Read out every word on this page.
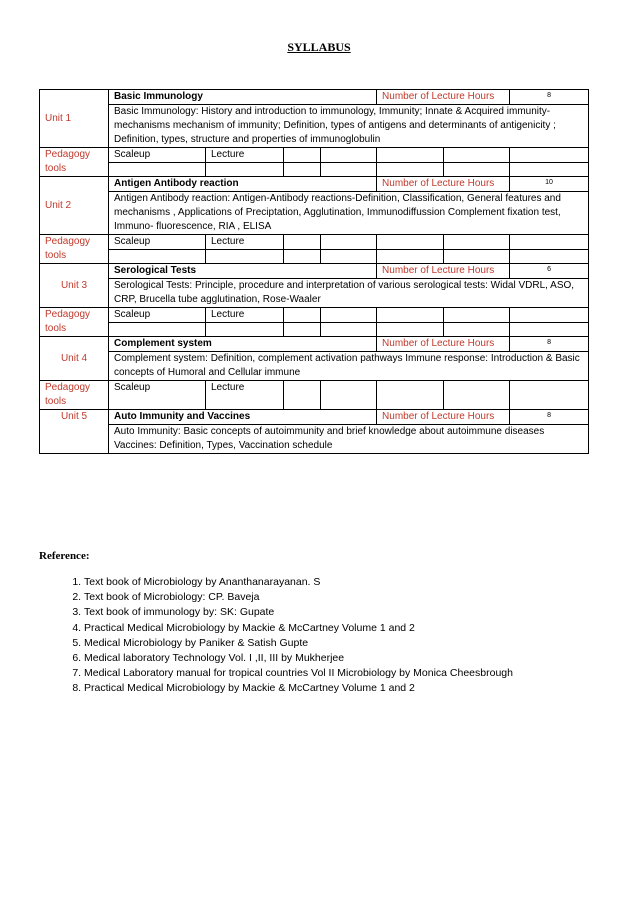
SYLLABUS
Unit 1	Basic Immunology				Number of Lecture Hours		8
	Basic Immunology: History and introduction to immunology, Immunity; Innate & Acquired immunity- mechanisms mechanism of immunity; Definition, types of antigens and determinants of antigenicity ; Definition, types, structure and properties of immunoglobulin						
Pedagogy tools	Scaleup	Lecture					

Unit 2	Antigen Antibody reaction				Number of Lecture Hours		10
	Antigen Antibody reaction: Antigen-Antibody reactions-Definition, Classification, General features and mechanisms , Applications of Preciptation, Agglutination, Immunodiffussion Complement fixation test, Immuno- fluorescence, RIA , ELISA						
Pedagogy tools	Scaleup	Lecture					

Unit 3	Serological Tests				Number of Lecture Hours		6
	Serological Tests: Principle, procedure and interpretation of various serological tests: Widal VDRL, ASO, CRP, Brucella tube agglutination, Rose-Waaler						
Pedagogy tools	Scaleup	Lecture					

Unit 4	Complement system				Number of Lecture Hours		8
	Complement system: Definition, complement activation pathways Immune response: Introduction & Basic concepts of Humoral and Cellular immune						
Pedagogy tools	Scaleup	Lecture					
Unit 5	Auto Immunity and Vaccines				Number of Lecture Hours		8
	Auto Immunity: Basic concepts of autoimmunity and brief knowledge about autoimmune diseases Vaccines: Definition, Types, Vaccination schedule						
Reference:
1. Text book of Microbiology by Ananthanarayanan. S
2. Text book of Microbiology: CP. Baveja
3. Text book of immunology by: SK: Gupate
4. Practical Medical Microbiology by Mackie & McCartney Volume 1 and 2
5. Medical Microbiology by Paniker & Satish Gupte
6. Medical laboratory Technology Vol. I ,II, III by Mukherjee
7. Medical Laboratory manual for tropical countries Vol II Microbiology by Monica Cheesbrough
8. Practical Medical Microbiology by Mackie & McCartney Volume 1 and 2
